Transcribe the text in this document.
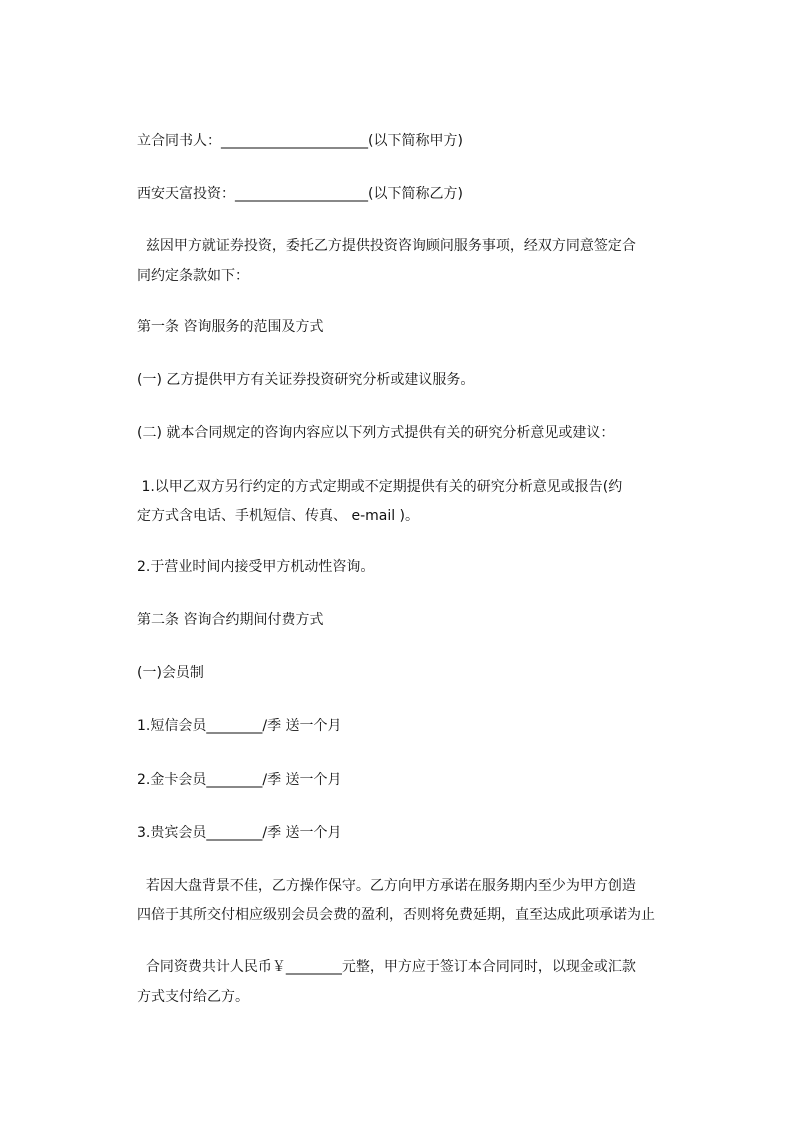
立合同书人：_____________________(以下简称甲方)
西安天富投资：___________________(以下简称乙方)
兹因甲方就证券投资，委托乙方提供投资咨询顾问服务事项，经双方同意签定合
同约定条款如下：
第一条 咨询服务的范围及方式
(一) 乙方提供甲方有关证券投资研究分析或建议服务。
(二) 就本合同规定的咨询内容应以下列方式提供有关的研究分析意见或建议：
1.以甲乙双方另行约定的方式定期或不定期提供有关的研究分析意见或报告(约
定方式含电话、手机短信、传真、 e-mail )。
2.于营业时间内接受甲方机动性咨询。
第二条 咨询合约期间付费方式
(一)会员制
1.短信会员________/季 送一个月
2.金卡会员________/季 送一个月
3.贵宾会员________/季 送一个月
若因大盘背景不佳，乙方操作保守。乙方向甲方承诺在服务期内至少为甲方创造
四倍于其所交付相应级别会员会费的盈利，否则将免费延期，直至达成此项承诺为止
合同资费共计人民币￥________元整，甲方应于签订本合同同时，以现金或汇款
方式支付给乙方。
